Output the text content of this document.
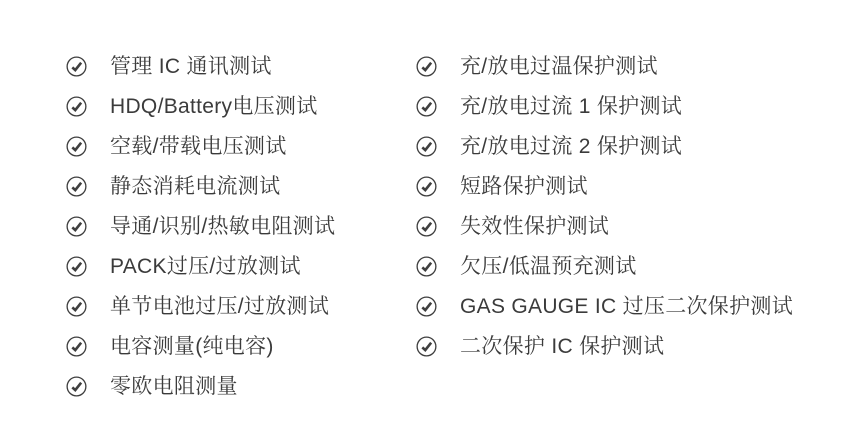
管理 IC 通讯测试
HDQ/Battery电压测试
空载/带载电压测试
静态消耗电流测试
导通/识别/热敏电阻测试
PACK过压/过放测试
单节电池过压/过放测试
电容测量(纯电容)
零欧电阻测量
充/放电过温保护测试
充/放电过流 1 保护测试
充/放电过流 2 保护测试
短路保护测试
失效性保护测试
欠压/低温预充测试
GAS GAUGE IC 过压二次保护测试
二次保护 IC 保护测试
